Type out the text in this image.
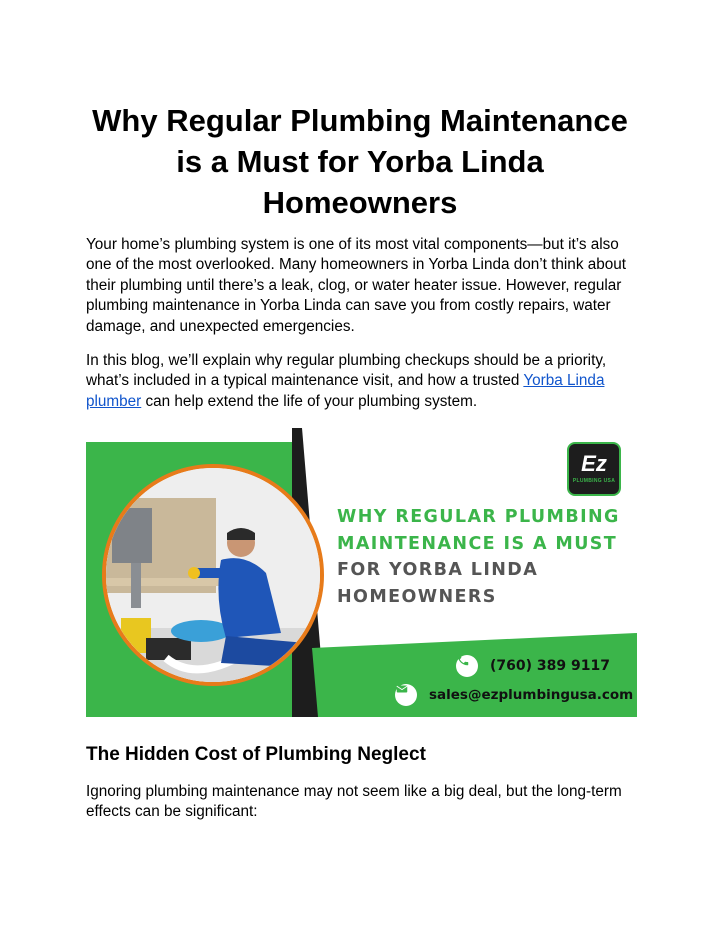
Why Regular Plumbing Maintenance is a Must for Yorba Linda Homeowners

Your home’s plumbing system is one of its most vital components—but it’s also one of the most overlooked. Many homeowners in Yorba Linda don’t think about their plumbing until there’s a leak, clog, or water heater issue. However, regular plumbing maintenance in Yorba Linda can save you from costly repairs, water damage, and unexpected emergencies.

In this blog, we’ll explain why regular plumbing checkups should be a priority, what’s included in a typical maintenance visit, and how a trusted Yorba Linda plumber can help extend the life of your plumbing system.

Ez
PLUMBING USA
WHY REGULAR PLUMBING
MAINTENANCE IS A MUST
FOR YORBA LINDA
HOMEOWNERS
(760) 389 9117
sales@ezplumbingusa.com
The Hidden Cost of Plumbing Neglect

Ignoring plumbing maintenance may not seem like a big deal, but the long-term effects can be significant:
